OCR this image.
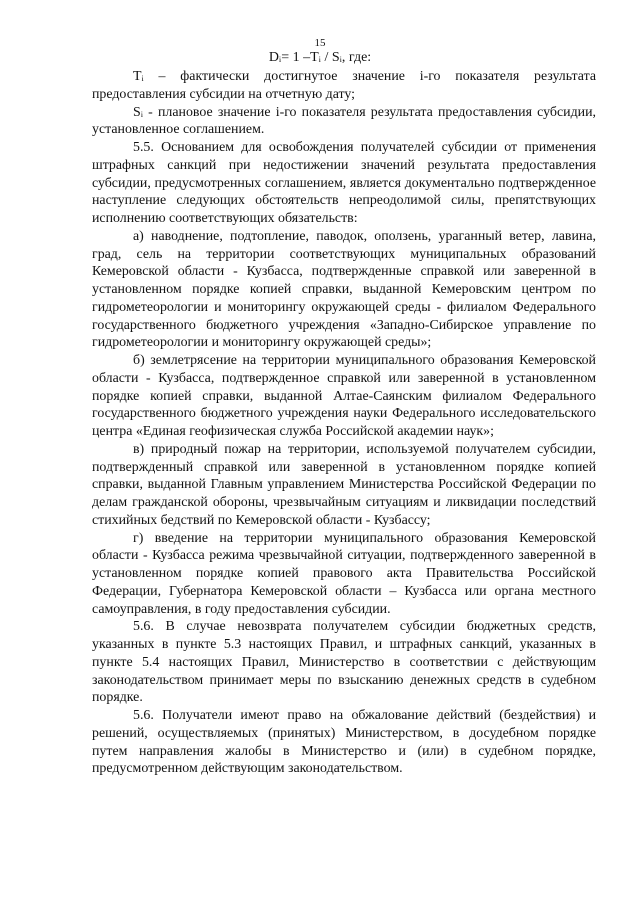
15
Dᵢ= 1 –Tᵢ / Sᵢ, где:

Tᵢ – фактически достигнутое значение i-го показателя результата предоставления субсидии на отчетную дату;

Sᵢ - плановое значение i-го показателя результата предоставления субсидии, установленное соглашением.

5.5. Основанием для освобождения получателей субсидии от применения штрафных санкций при недостижении значений результата предоставления субсидии, предусмотренных соглашением, является документально подтвержденное наступление следующих обстоятельств непреодолимой силы, препятствующих исполнению соответствующих обязательств:

а) наводнение, подтопление, паводок, оползень, ураганный ветер, лавина, град, сель на территории соответствующих муниципальных образований Кемеровской области - Кузбасса, подтвержденные справкой или заверенной в установленном порядке копией справки, выданной Кемеровским центром по гидрометеорологии и мониторингу окружающей среды - филиалом Федерального государственного бюджетного учреждения «Западно-Сибирское управление по гидрометеорологии и мониторингу окружающей среды»;

б) землетрясение на территории муниципального образования Кемеровской области - Кузбасса, подтвержденное справкой или заверенной в установленном порядке копией справки, выданной Алтае-Саянским филиалом Федерального государственного бюджетного учреждения науки Федерального исследовательского центра «Единая геофизическая служба Российской академии наук»;

в) природный пожар на территории, используемой получателем субсидии, подтвержденный справкой или заверенной в установленном порядке копией справки, выданной Главным управлением Министерства Российской Федерации по делам гражданской обороны, чрезвычайным ситуациям и ликвидации последствий стихийных бедствий по Кемеровской области - Кузбассу;

г) введение на территории муниципального образования Кемеровской области - Кузбасса режима чрезвычайной ситуации, подтвержденного заверенной в установленном порядке копией правового акта Правительства Российской Федерации, Губернатора Кемеровской области – Кузбасса или органа местного самоуправления, в году предоставления субсидии.

5.6. В случае невозврата получателем субсидии бюджетных средств, указанных в пункте 5.3 настоящих Правил, и штрафных санкций, указанных в пункте 5.4 настоящих Правил, Министерство в соответствии с действующим законодательством принимает меры по взысканию денежных средств в судебном порядке.

5.6. Получатели имеют право на обжалование действий (бездействия) и решений, осуществляемых (принятых) Министерством, в досудебном порядке путем направления жалобы в Министерство и (или) в судебном порядке, предусмотренном действующим законодательством.
